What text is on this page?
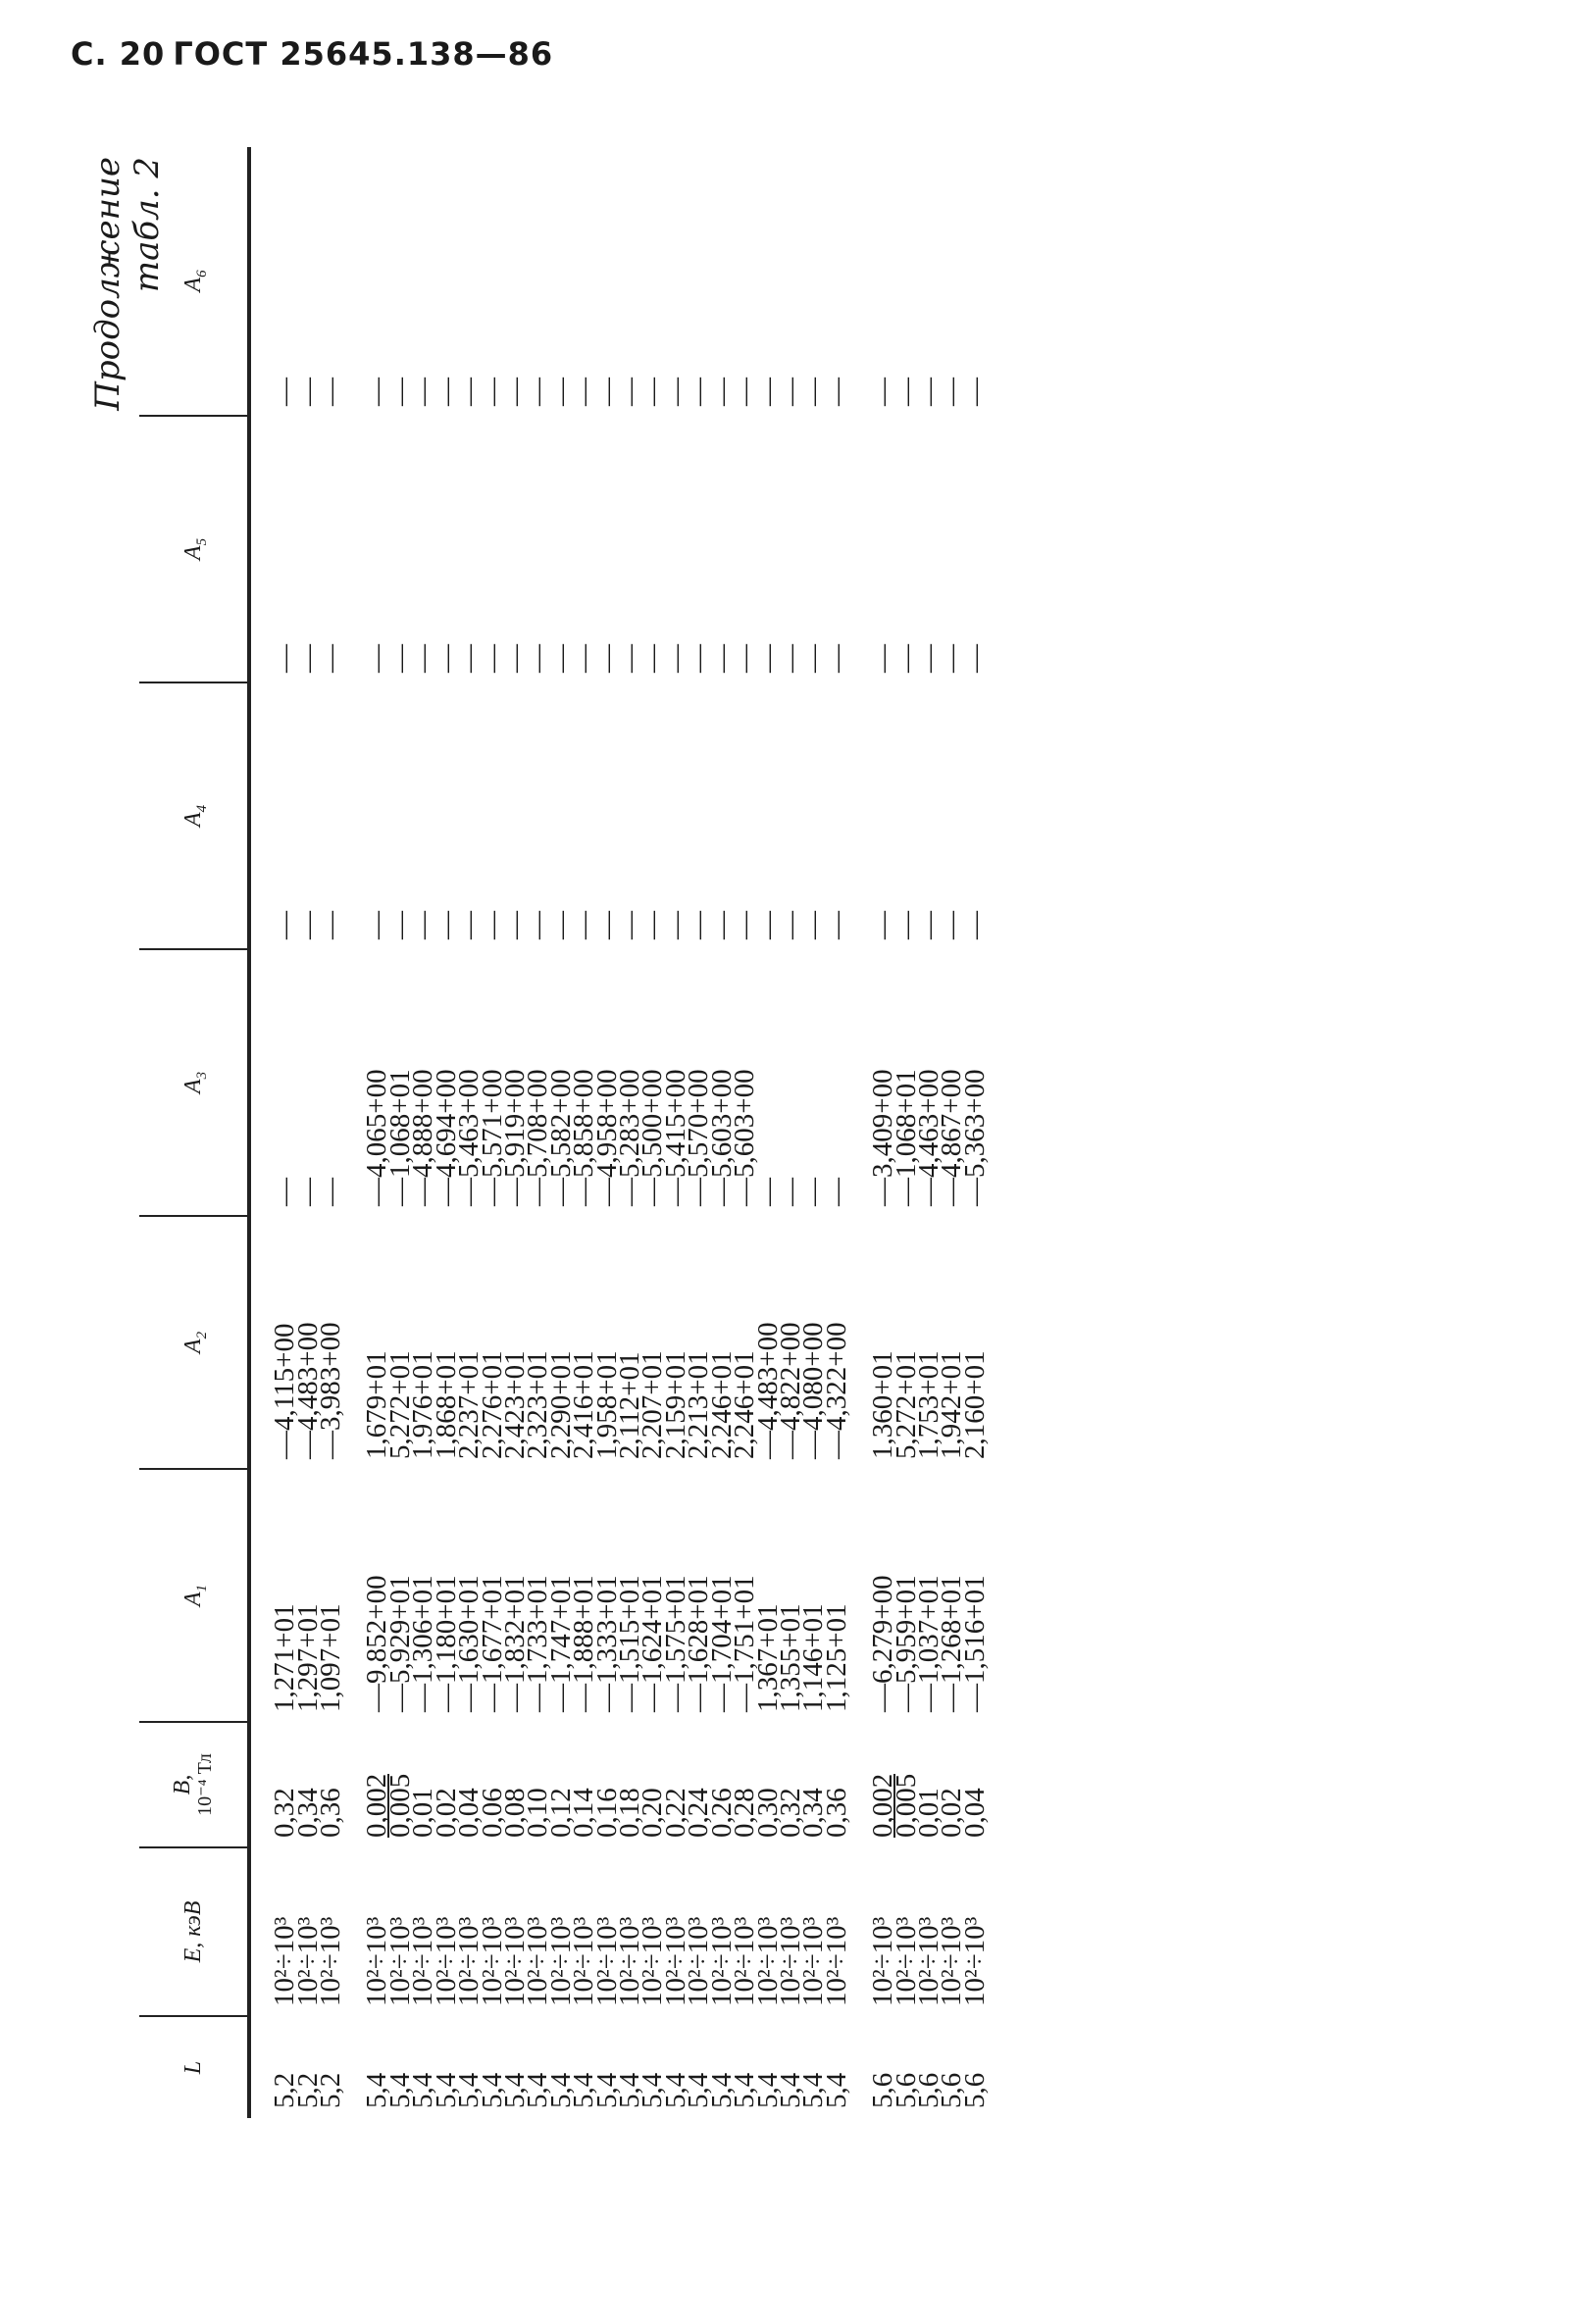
С. 20 ГОСТ 25645.138—86
Продолжение табл. 2
L	E, кэВ	B, 10⁻⁴ Тл	$A_1$	$A_2$	$A_3$	$A_4$	$A_5$	$A_6$

5,2	10²÷10³	0,32	1,271+01	—4,115+00	—	—	—	—
5,2	10²÷10³	0,34	1,297+01	—4,483+00	—	—	—	—
5,2	10²÷10³	0,36	1,097+01	—3,983+00	—	—	—	—

5,4	10²÷10³	0,002	—9,852+00	1,679+01	—4,065+00	—	—	—
5,4	10²÷10³	0,005	—5,929+01	5,272+01	—1,068+01	—	—	—
5,4	10²÷10³	0,01	—1,306+01	1,976+01	—4,888+00	—	—	—
5,4	10²÷10³	0,02	—1,180+01	1,868+01	—4,694+00	—	—	—
5,4	10²÷10³	0,04	—1,630+01	2,237+01	—5,463+00	—	—	—
5,4	10²÷10³	0,06	—1,677+01	2,276+01	—5,571+00	—	—	—
5,4	10²÷10³	0,08	—1,832+01	2,423+01	—5,919+00	—	—	—
5,4	10²÷10³	0,10	—1,733+01	2,323+01	—5,708+00	—	—	—
5,4	10²÷10³	0,12	—1,747+01	2,290+01	—5,582+00	—	—	—
5,4	10²÷10³	0,14	—1,888+01	2,416+01	—5,858+00	—	—	—
5,4	10²÷10³	0,16	—1,333+01	1,958+01	—4,958+00	—	—	—
5,4	10²÷10³	0,18	—1,515+01	2,112+01	—5,283+00	—	—	—
5,4	10²÷10³	0,20	—1,624+01	2,207+01	—5,500+00	—	—	—
5,4	10²÷10³	0,22	—1,575+01	2,159+01	—5,415+00	—	—	—
5,4	10²÷10³	0,24	—1,628+01	2,213+01	—5,570+00	—	—	—
5,4	10²÷10³	0,26	—1,704+01	2,246+01	—5,603+00	—	—	—
5,4	10²÷10³	0,28	—1,751+01	2,246+01	—5,603+00	—	—	—
5,4	10²÷10³	0,30	1,367+01	—4,483+00	—	—	—	—
5,4	10²÷10³	0,32	1,355+01	—4,822+00	—	—	—	—
5,4	10²÷10³	0,34	1,146+01	—4,080+00	—	—	—	—
5,4	10²÷10³	0,36	1,125+01	—4,322+00	—	—	—	—

5,6	10²÷10³	0,002	—6,279+00	1,360+01	—3,409+00	—	—	—
5,6	10²÷10³	0,005	—5,959+01	5,272+01	—1,068+01	—	—	—
5,6	10²÷10³	0,01	—1,037+01	1,753+01	—4,463+00	—	—	—
5,6	10²÷10³	0,02	—1,268+01	1,942+01	—4,867+00	—	—	—
5,6	10²÷10³	0,04	—1,516+01	2,160+01	—5,363+00	—	—	—
